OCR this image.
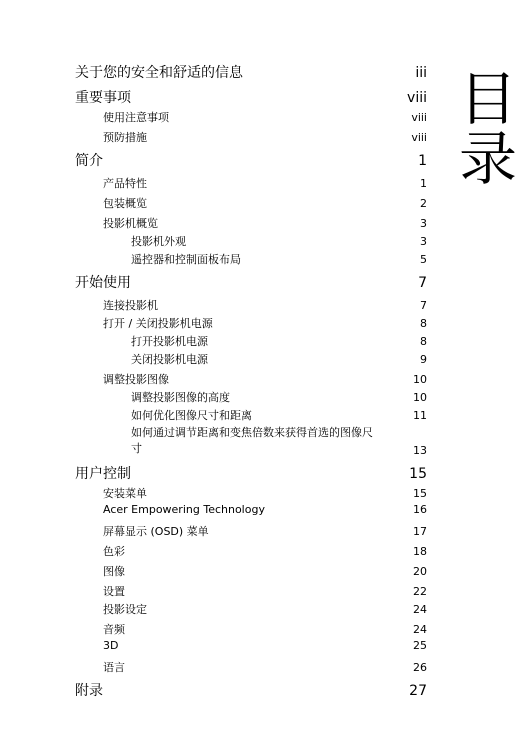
目录
关于您的安全和舒适的信息	iii
重要事项	viii
使用注意事项	viii
预防措施	viii
简介	1
产品特性	1
包装概览	2
投影机概览	3
投影机外观	3
遥控器和控制面板布局	5
开始使用	7
连接投影机	7
打开 / 关闭投影机电源	8
打开投影机电源	8
关闭投影机电源	9
调整投影图像	10
调整投影图像的高度	10
如何优化图像尺寸和距离	11
如何通过调节距离和变焦倍数来获得首选的图像尺寸	13
用户控制	15
安装菜单	15
Acer Empowering Technology	16
屏幕显示 (OSD) 菜单	17
色彩	18
图像	20
设置	22
投影设定	24
音频	24
3D	25
语言	26
附录	27
